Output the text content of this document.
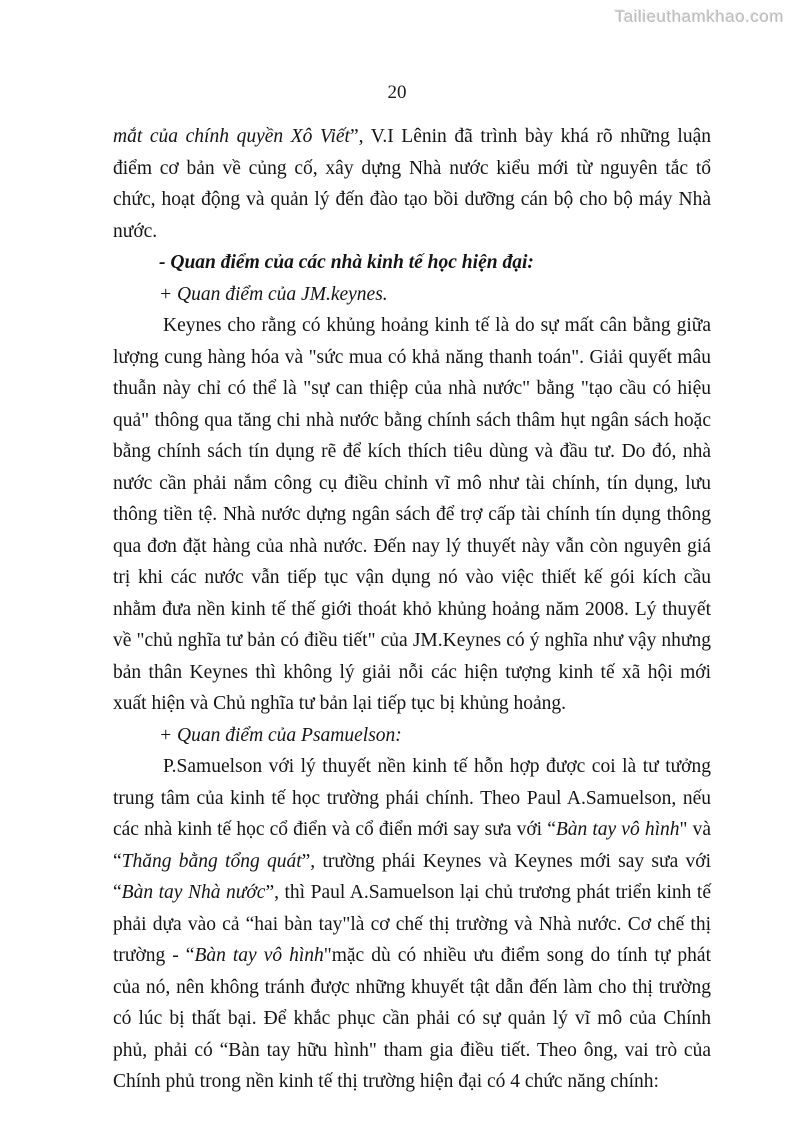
Tailieuthamkhao.com
20

mắt của chính quyền Xô Viết”, V.I Lênin đã trình bày khá rõ những luận điểm cơ bản về củng cố, xây dựng Nhà nước kiểu mới từ nguyên tắc tổ chức, hoạt động và quản lý đến đào tạo bồi dưỡng cán bộ cho bộ máy Nhà nước.

- Quan điểm của các nhà kinh tế học hiện đại:

+ Quan điểm của JM.keynes.

Keynes cho rằng có khủng hoảng kinh tế là do sự mất cân bằng giữa lượng cung hàng hóa và "sức mua có khả năng thanh toán". Giải quyết mâu thuẫn này chỉ có thể là "sự can thiệp của nhà nước" bằng "tạo cầu có hiệu quả" thông qua tăng chi nhà nước bằng chính sách thâm hụt ngân sách hoặc bằng chính sách tín dụng rẽ để kích thích tiêu dùng và đầu tư. Do đó, nhà nước cần phải nắm công cụ điều chỉnh vĩ mô như tài chính, tín dụng, lưu thông tiền tệ. Nhà nước dựng ngân sách để trợ cấp tài chính tín dụng thông qua đơn đặt hàng của nhà nước. Đến nay lý thuyết này vẫn còn nguyên giá trị khi các nước vẫn tiếp tục vận dụng nó vào việc thiết kế gói kích cầu nhằm đưa nền kinh tế thế giới thoát khỏ khủng hoảng năm 2008. Lý thuyết về "chủ nghĩa tư bản có điều tiết" của JM.Keynes có ý nghĩa như vậy nhưng bản thân Keynes thì không lý giải nỗi các hiện tượng kinh tế xã hội mới xuất hiện và Chủ nghĩa tư bản lại tiếp tục bị khủng hoảng.

+ Quan điểm của Psamuelson:

P.Samuelson với lý thuyết nền kinh tế hỗn hợp được coi là tư tưởng trung tâm của kinh tế học trường phái chính. Theo Paul A.Samuelson, nếu các nhà kinh tế học cổ điển và cổ điển mới say sưa với “Bàn tay vô hình" và “Thăng bằng tổng quát”, trường phái Keynes và Keynes mới say sưa với “Bàn tay Nhà nước”, thì Paul A.Samuelson lại chủ trương phát triển kinh tế phải dựa vào cả “hai bàn tay"là cơ chế thị trường và Nhà nước. Cơ chế thị trường - “Bàn tay vô hình"mặc dù có nhiều ưu điểm song do tính tự phát của nó, nên không tránh được những khuyết tật dẫn đến làm cho thị trường có lúc bị thất bại. Để khắc phục cần phải có sự quản lý vĩ mô của Chính phủ, phải có “Bàn tay hữu hình" tham gia điều tiết. Theo ông, vai trò của Chính phủ trong nền kinh tế thị trường hiện đại có 4 chức năng chính:
